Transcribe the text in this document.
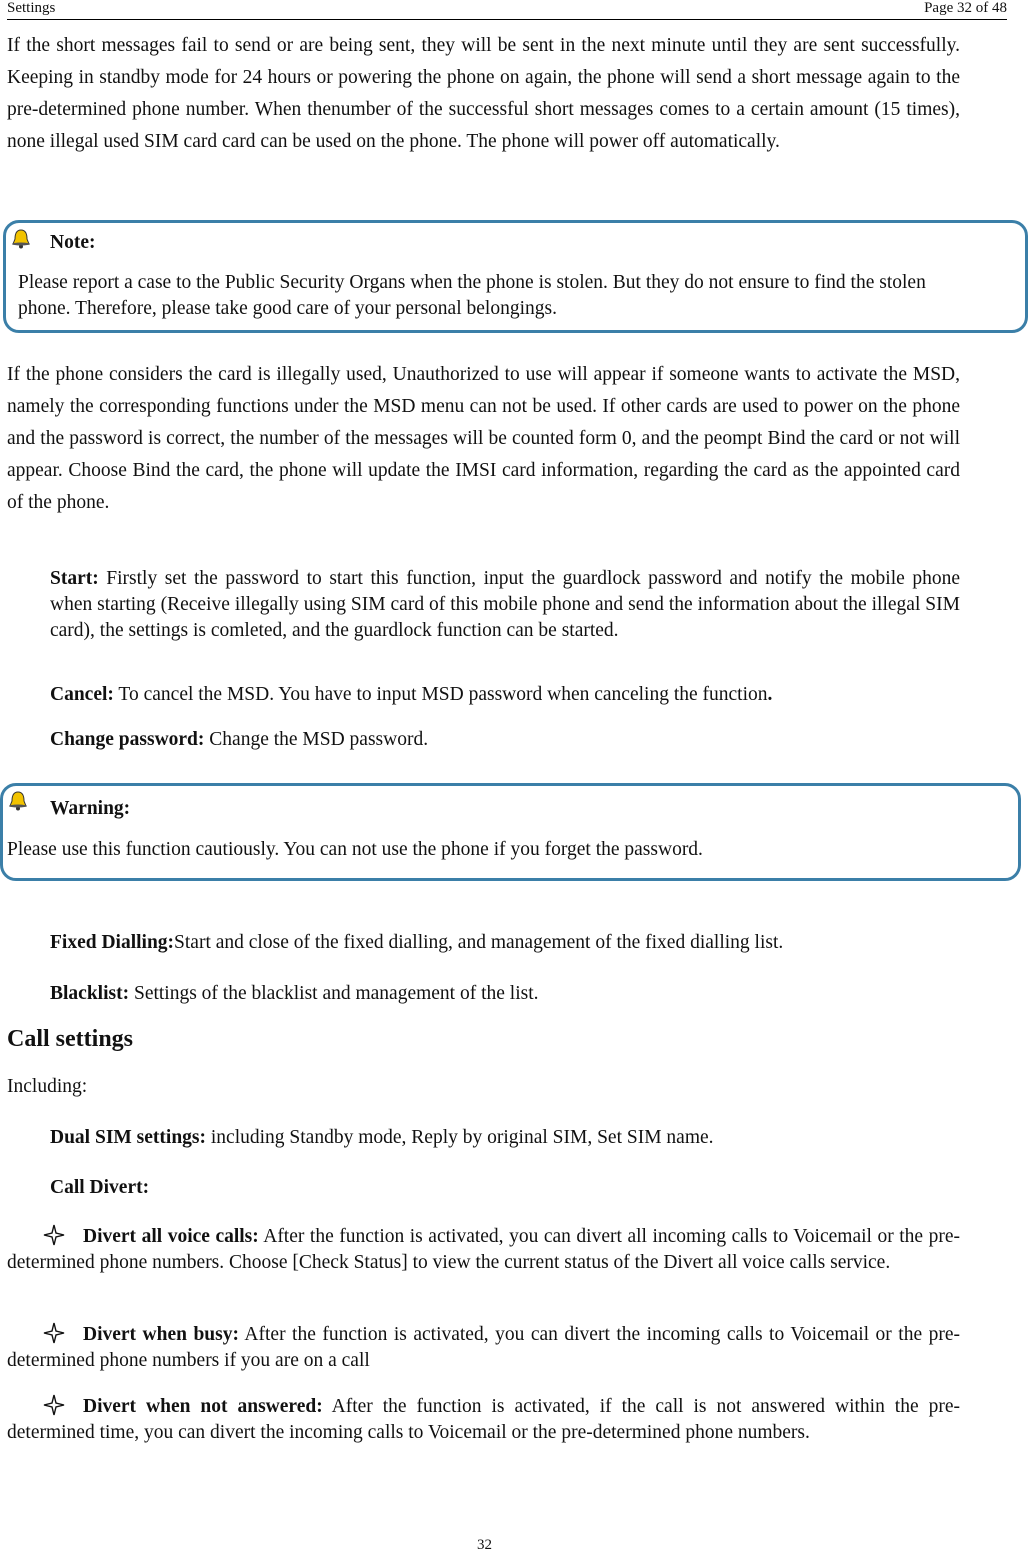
Settings	Page 32 of 48

If the short messages fail to send or are being sent, they will be sent in the next minute until they are sent successfully. Keeping in standby mode for 24 hours or powering the phone on again, the phone will send a short message again to the pre-determined phone number. When thenumber of the successful short messages comes to a certain amount (15 times), none illegal used SIM card card can be used on the phone. The phone will power off automatically.

Note:

Please report a case to the Public Security Organs when the phone is stolen. But they do not ensure to find the stolen phone. Therefore, please take good care of your personal belongings.

If the phone considers the card is illegally used, Unauthorized to use will appear if someone wants to activate the MSD, namely the corresponding functions under the MSD menu can not be used. If other cards are used to power on the phone and the password is correct, the number of the messages will be counted form 0, and the peompt Bind the card or not will appear. Choose Bind the card, the phone will update the IMSI card information, regarding the card as the appointed card of the phone.

Start: Firstly set the password to start this function, input the guardlock password and notify the mobile phone when starting (Receive illegally using SIM card of this mobile phone and send the information about the illegal SIM card), the settings is comleted, and the guardlock function can be started.

Cancel: To cancel the MSD. You have to input MSD password when canceling the function.

Change password: Change the MSD password.

Warning:

Please use this function cautiously. You can not use the phone if you forget the password.

Fixed Dialling:Start and close of the fixed dialling, and management of the fixed dialling list.

Blacklist: Settings of the blacklist and management of the list.

Call settings
Including:

Dual SIM settings: including Standby mode, Reply by original SIM, Set SIM name.

Call Divert:

Divert all voice calls: After the function is activated, you can divert all incoming calls to Voicemail or the pre-determined phone numbers. Choose [Check Status] to view the current status of the Divert all voice calls service.

Divert when busy: After the function is activated, you can divert the incoming calls to Voicemail or the pre-determined phone numbers if you are on a call

Divert when not answered: After the function is activated, if the call is not answered within the pre-determined time, you can divert the incoming calls to Voicemail or the pre-determined phone numbers.

32
